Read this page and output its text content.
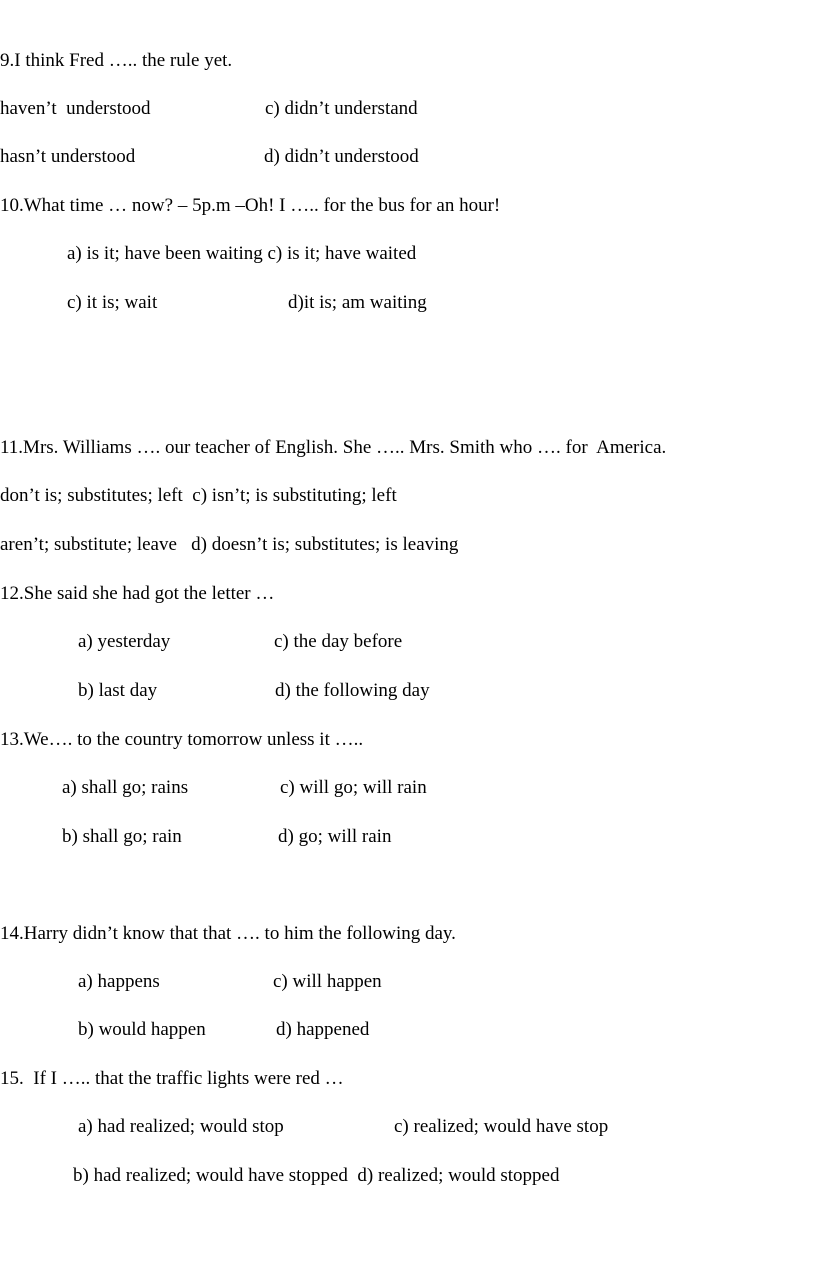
9.I think Fred ….. the rule yet.
haven’t  understood	c) didn’t understand
hasn’t understood	d) didn’t understood
10.What time … now? – 5p.m –Oh! I ….. for the bus for an hour!
a) is it; have been waiting c) is it; have waited
c) it is; wait	d)it is; am waiting
11.Mrs. Williams …. our teacher of English. She ….. Mrs. Smith who …. for  America.
don’t is; substitutes; left  c) isn’t; is substituting; left
aren’t; substitute; leave   d) doesn’t is; substitutes; is leaving
12.She said she had got the letter …
a) yesterday	c) the day before
b) last day	d) the following day
13.We…. to the country tomorrow unless it …..
a) shall go; rains	c) will go; will rain
b) shall go; rain	d) go; will rain
14.Harry didn’t know that that …. to him the following day.
a) happens	c) will happen
b) would happen	d) happened
15.  If I ….. that the traffic lights were red …
a) had realized; would stop	c) realized; would have stop
b) had realized; would have stopped  d) realized; would stopped
